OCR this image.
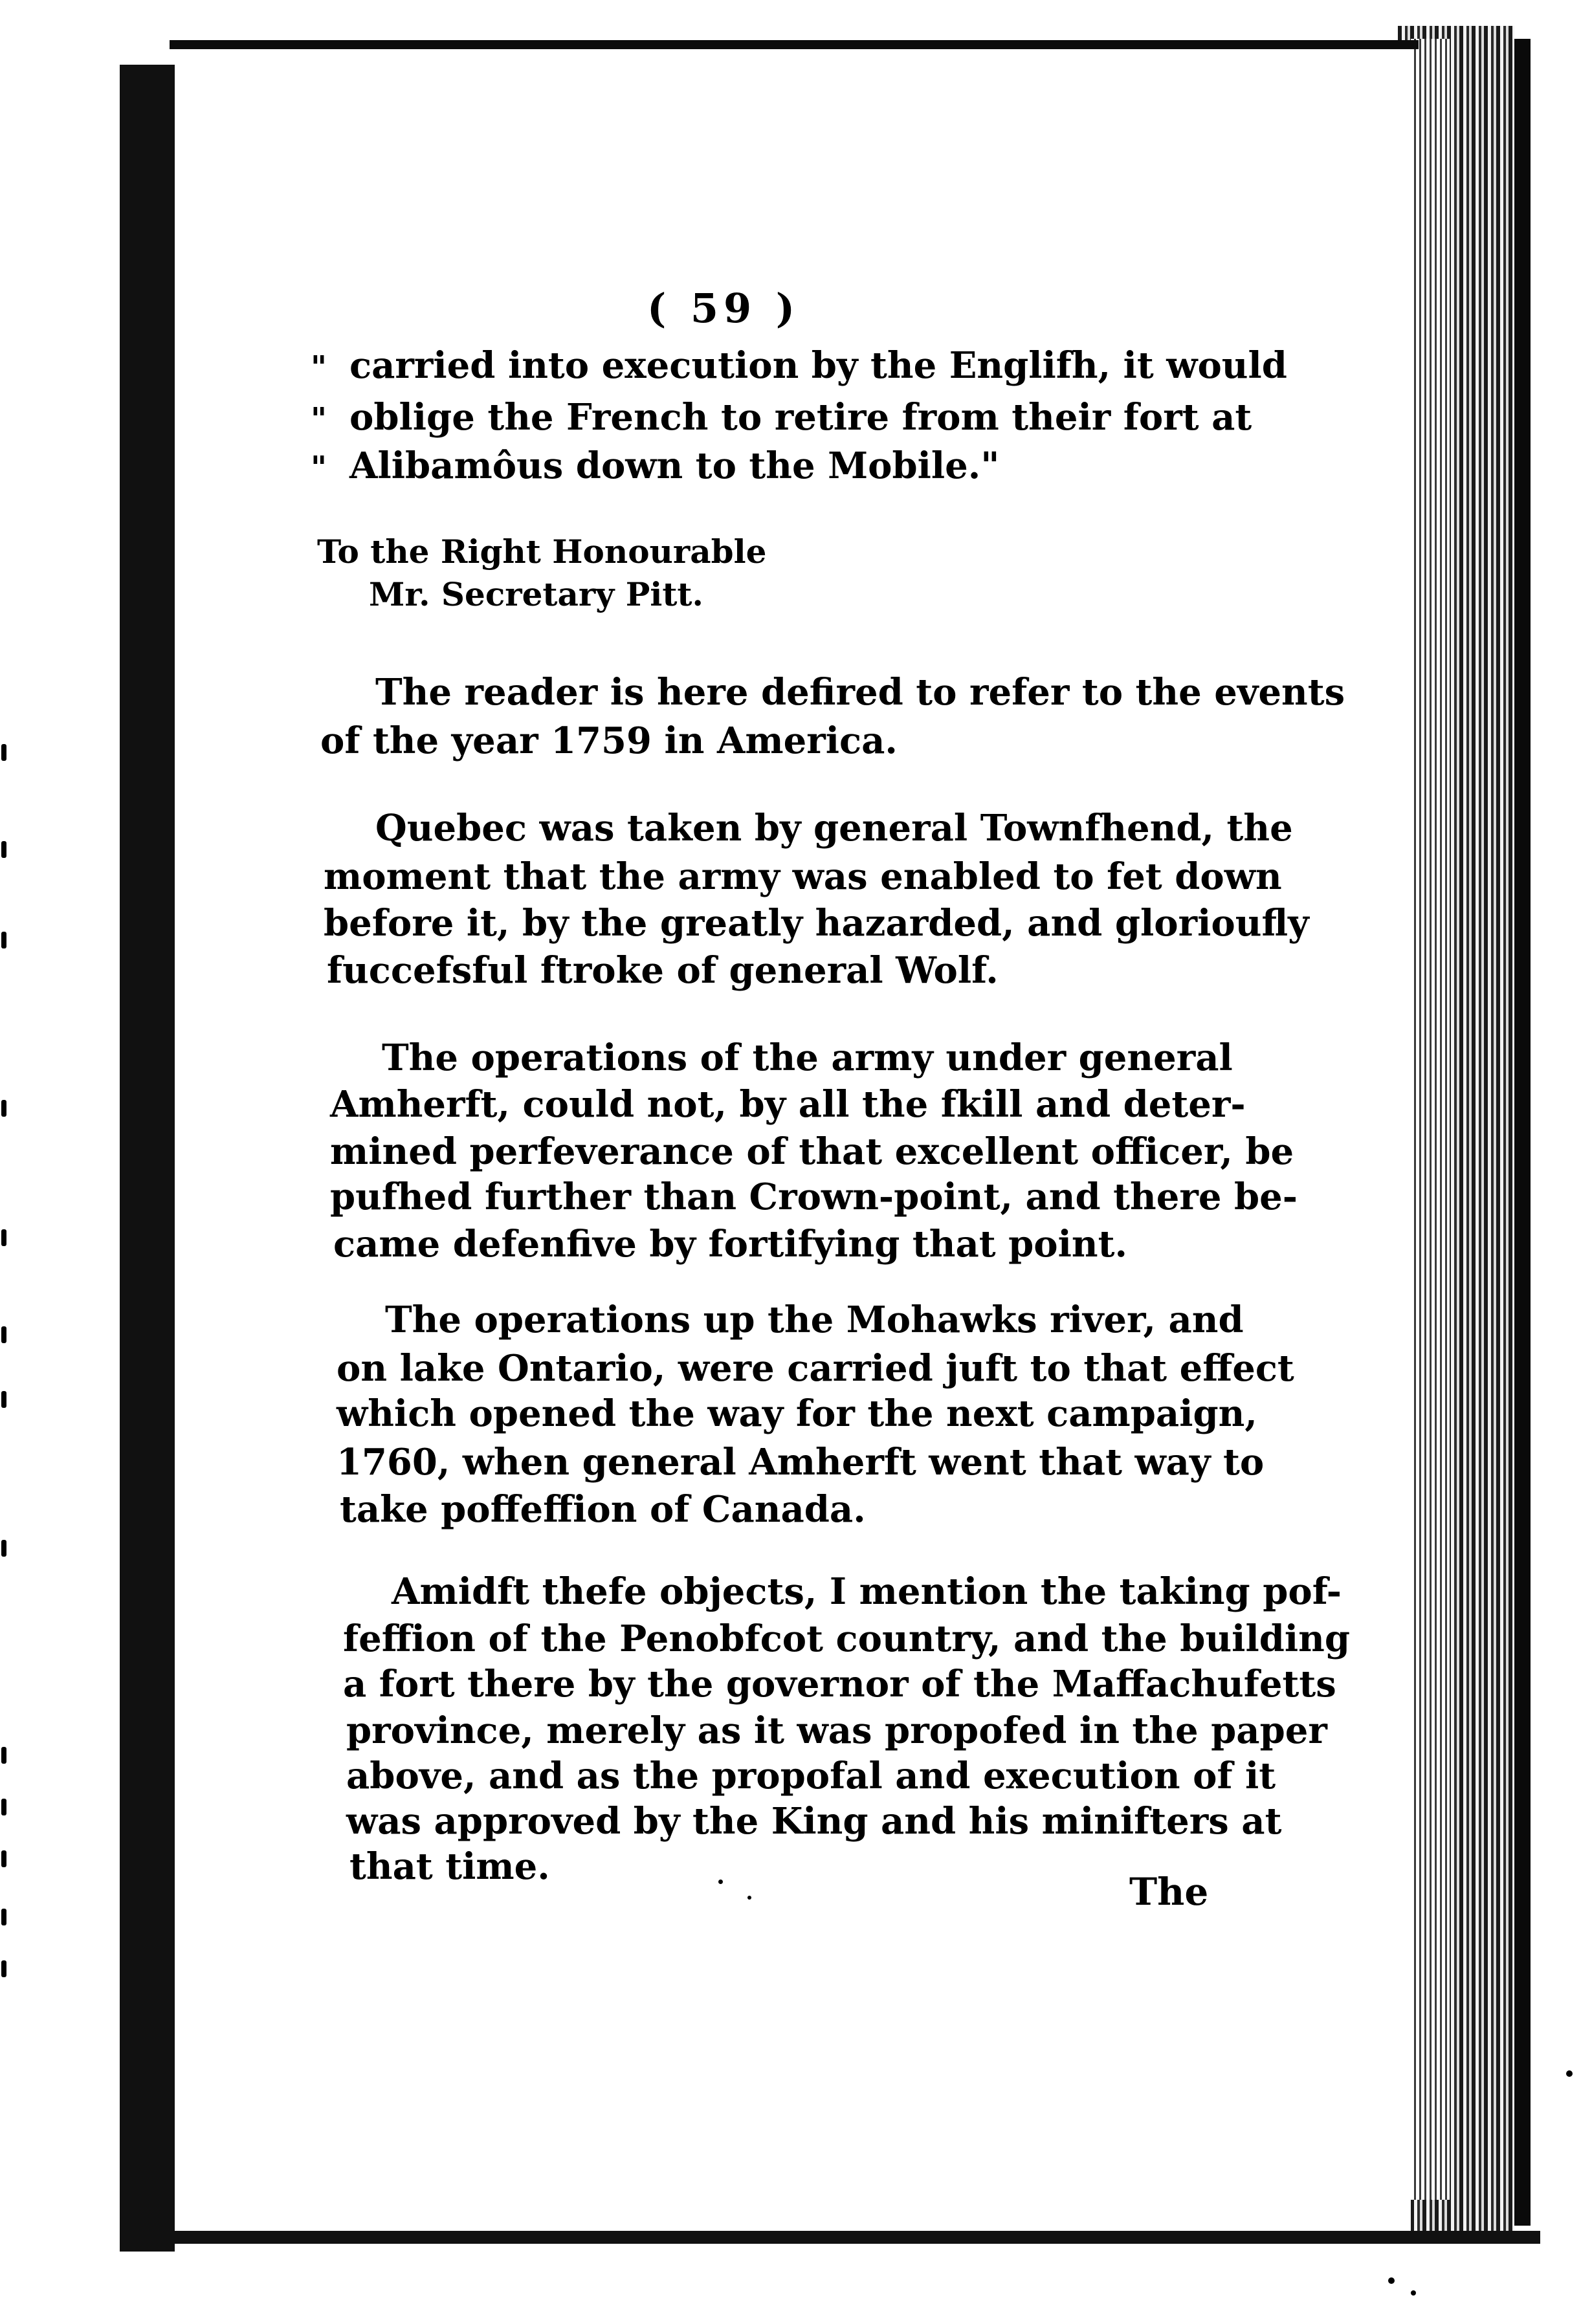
( 59 )
" carried into execution by the Englifh, it would
" oblige the French to retire from their fort at
" Alibamôus down to the Mobile."
To the Right Honourable
Mr. Secretary Pitt.
The reader is here defired to refer to the events
of the year 1759 in America.
Quebec was taken by general Townfhend, the
moment that the army was enabled to fet down
before it, by the greatly hazarded, and glorioufly
fuccefsful ftroke of general Wolf.
The operations of the army under general
Amherft, could not, by all the fkill and deter-
mined perfeverance of that excellent officer, be
pufhed further than Crown-point, and there be-
came defenfive by fortifying that point.
The operations up the Mohawks river, and
on lake Ontario, were carried juft to that effect
which opened the way for the next campaign,
1760, when general Amherft went that way to
take poffeffion of Canada.
Amidft thefe objects, I mention the taking pof-
feffion of the Penobfcot country, and the building
a fort there by the governor of the Maffachufetts
province, merely as it was propofed in the paper
above, and as the propofal and execution of it
was approved by the King and his minifters at
that time.
The
